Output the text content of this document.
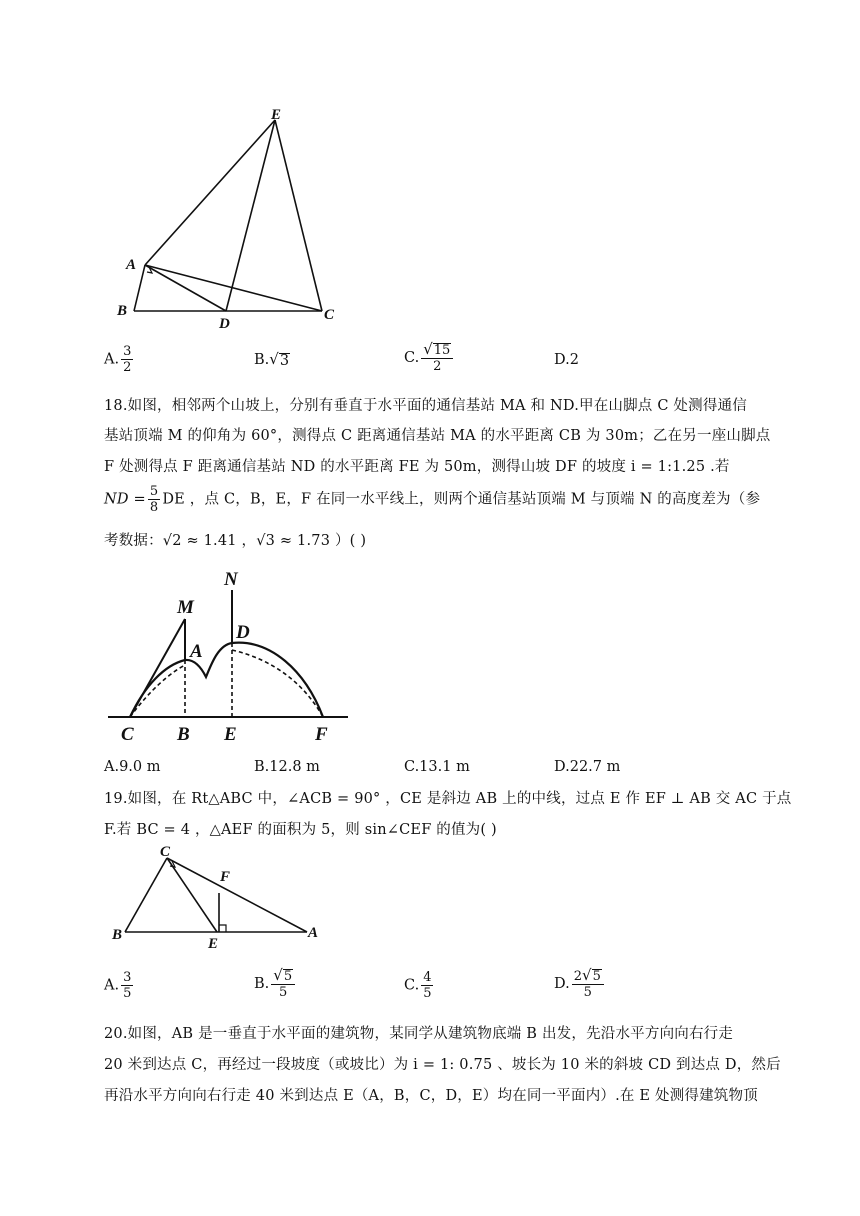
E
A
B
D
C
A. $\frac{3}{2}$	B. √ 3	C. $\frac{√ 15}{2}$	D.2
18.如图，相邻两个山坡上，分别有垂直于水平面的通信基站 MA 和 ND.甲在山脚点 C 处测得通信
基站顶端 M 的仰角为 60°，测得点 C 距离通信基站 MA 的水平距离 CB 为 30m；乙在另一座山脚点
F 处测得点 F 距离通信基站 ND 的水平距离 FE 为 50m，测得山坡 DF 的坡度 i = 1:1.25 .若
ND = $\frac{5}{8}$ DE ，点 C，B，E，F 在同一水平线上，则两个通信基站顶端 M 与顶端 N 的高度差为（参
考数据：√2 ≈ 1.41 ，√3 ≈ 1.73 ）( )
N
M
A
D
C B E	F
A.9.0 m	B.12.8 m	C.13.1 m	D.22.7 m
19.如图，在 Rt△ABC 中，∠ACB = 90° ，CE 是斜边 AB 上的中线，过点 E 作 EF ⊥ AB 交 AC 于点
F.若 BC = 4 ，△AEF 的面积为 5，则 sin∠CEF 的值为( )
C
F
B
E
A
A. $\frac{3}{5}$	B. $\frac{√ 5}{5}$	C. $\frac{4}{5}$	D. $\frac{2 √ 5}{5}$
20.如图，AB 是一垂直于水平面的建筑物，某同学从建筑物底端 B 出发，先沿水平方向向右行走
20 米到达点 C，再经过一段坡度（或坡比）为 i = 1: 0.75 、坡长为 10 米的斜坡 CD 到达点 D，然后
再沿水平方向向右行走 40 米到达点 E（A，B，C，D，E）均在同一平面内）.在 E 处测得建筑物顶
